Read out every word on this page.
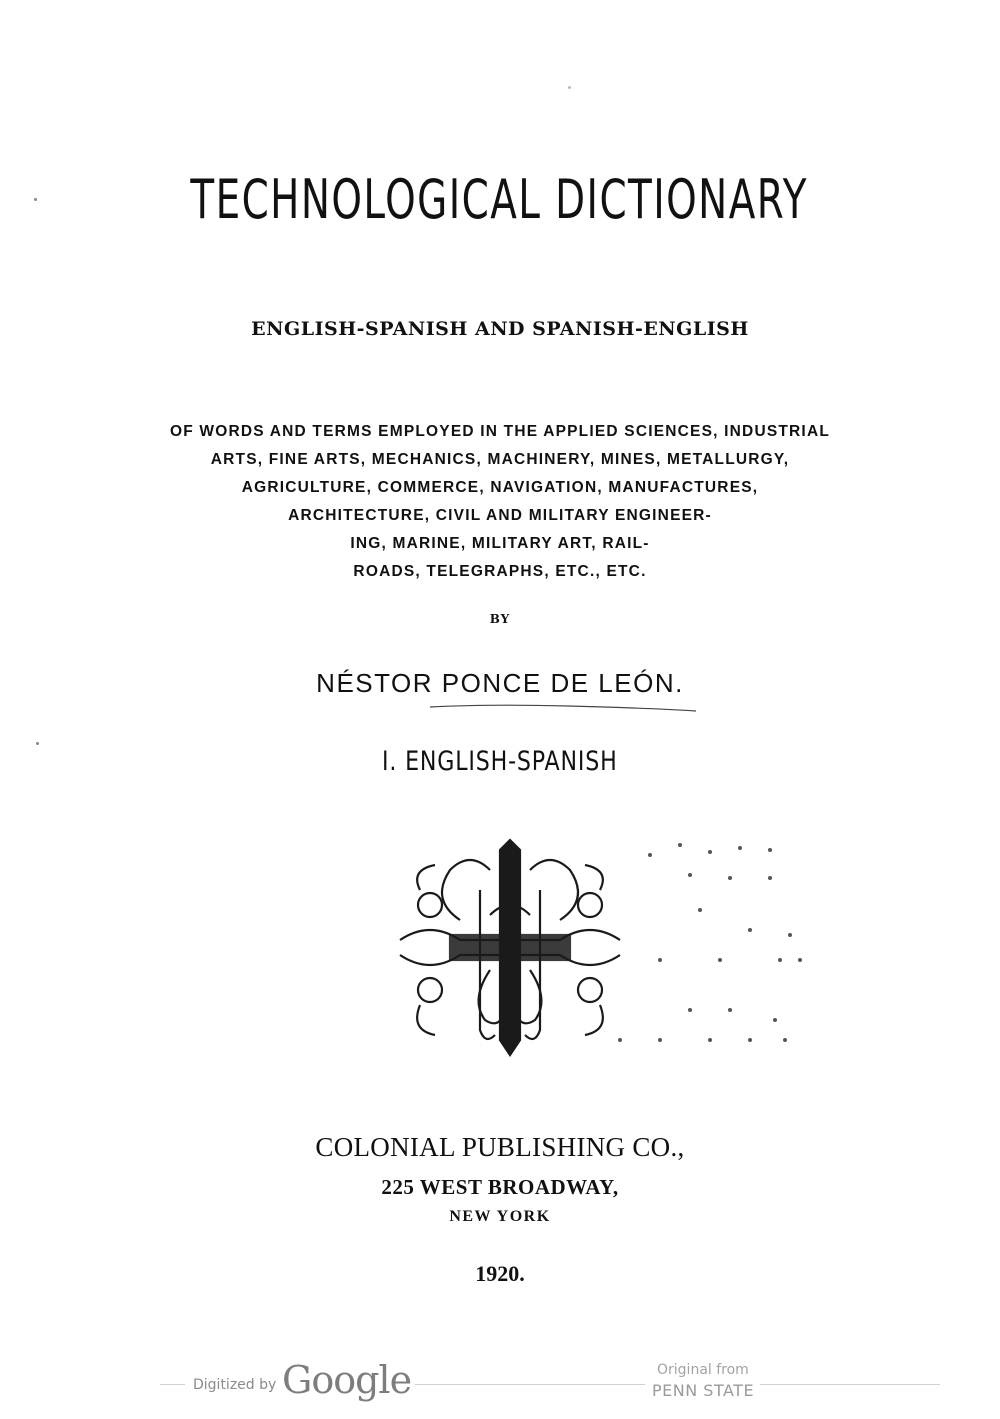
TECHNOLOGICAL DICTIONARY
ENGLISH-SPANISH AND SPANISH-ENGLISH
OF WORDS AND TERMS EMPLOYED IN THE APPLIED SCIENCES, INDUSTRIAL
ARTS, FINE ARTS, MECHANICS, MACHINERY, MINES, METALLURGY,
AGRICULTURE, COMMERCE, NAVIGATION, MANUFACTURES,
ARCHITECTURE, CIVIL AND MILITARY ENGINEER-
ING, MARINE, MILITARY ART, RAIL-
ROADS, TELEGRAPHS, ETC., ETC.
BY
NÉSTOR PONCE DE LEÓN.
I. ENGLISH-SPANISH
COLONIAL PUBLISHING CO.,
225 WEST BROADWAY,
NEW YORK
1920.
Digitized by Google	Original from
PENN STATE
